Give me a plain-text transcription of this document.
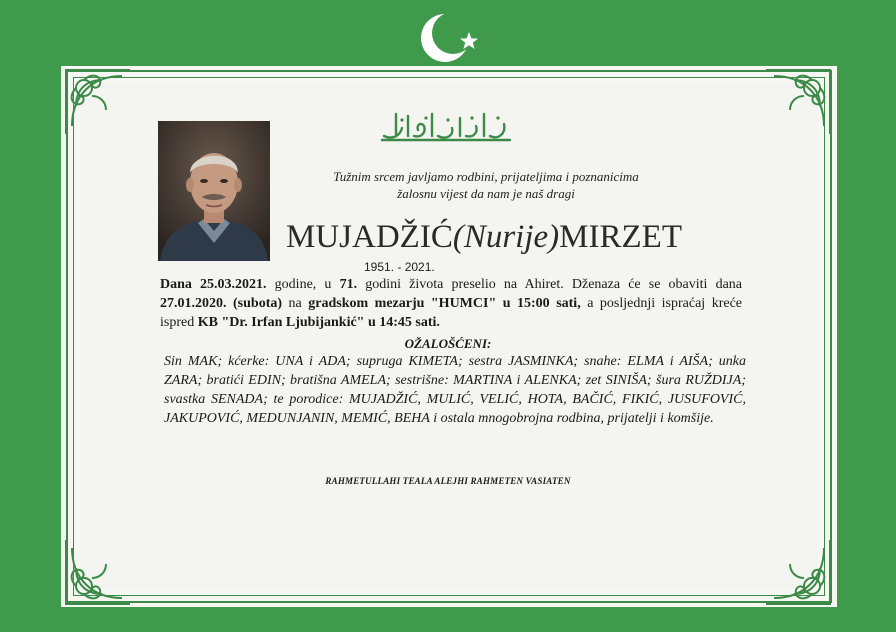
Tužnim srcem javljamo rodbini, prijateljima i poznanicima
žalosnu vijest da nam je naš dragi
MUJADŽIĆ(Nurije)MIRZET
1951. - 2021.
Dana 25.03.2021. godine, u 71. godini života preselio na Ahiret. Dženaza će se obaviti dana 27.01.2020. (subota) na gradskom mezarju "HUMCI" u 15:00 sati, a posljednji ispraćaj kreće ispred KB "Dr. Irfan Ljubijankić" u 14:45 sati.
OŽALOŠĆENI:
Sin MAK; kćerke: UNA i ADA; supruga KIMETA; sestra JASMINKA; snahe: ELMA i AIŠA; unka ZARA; bratići EDIN; bratišna AMELA; sestrišne: MARTINA i ALENKA; zet SINIŠA; šura RUŽDIJA; svastka SENADA; te porodice: MUJADŽIĆ, MULIĆ, VELIĆ, HOTA, BAČIĆ, FIKIĆ, JUSUFOVIĆ, JAKUPOVIĆ, MEDUNJANIN, MEMIĆ, BEHA i ostala mnogobrojna rodbina, prijatelji i komšije.
RAHMETULLAHI TEALA ALEJHI RAHMETEN VASIATEN
